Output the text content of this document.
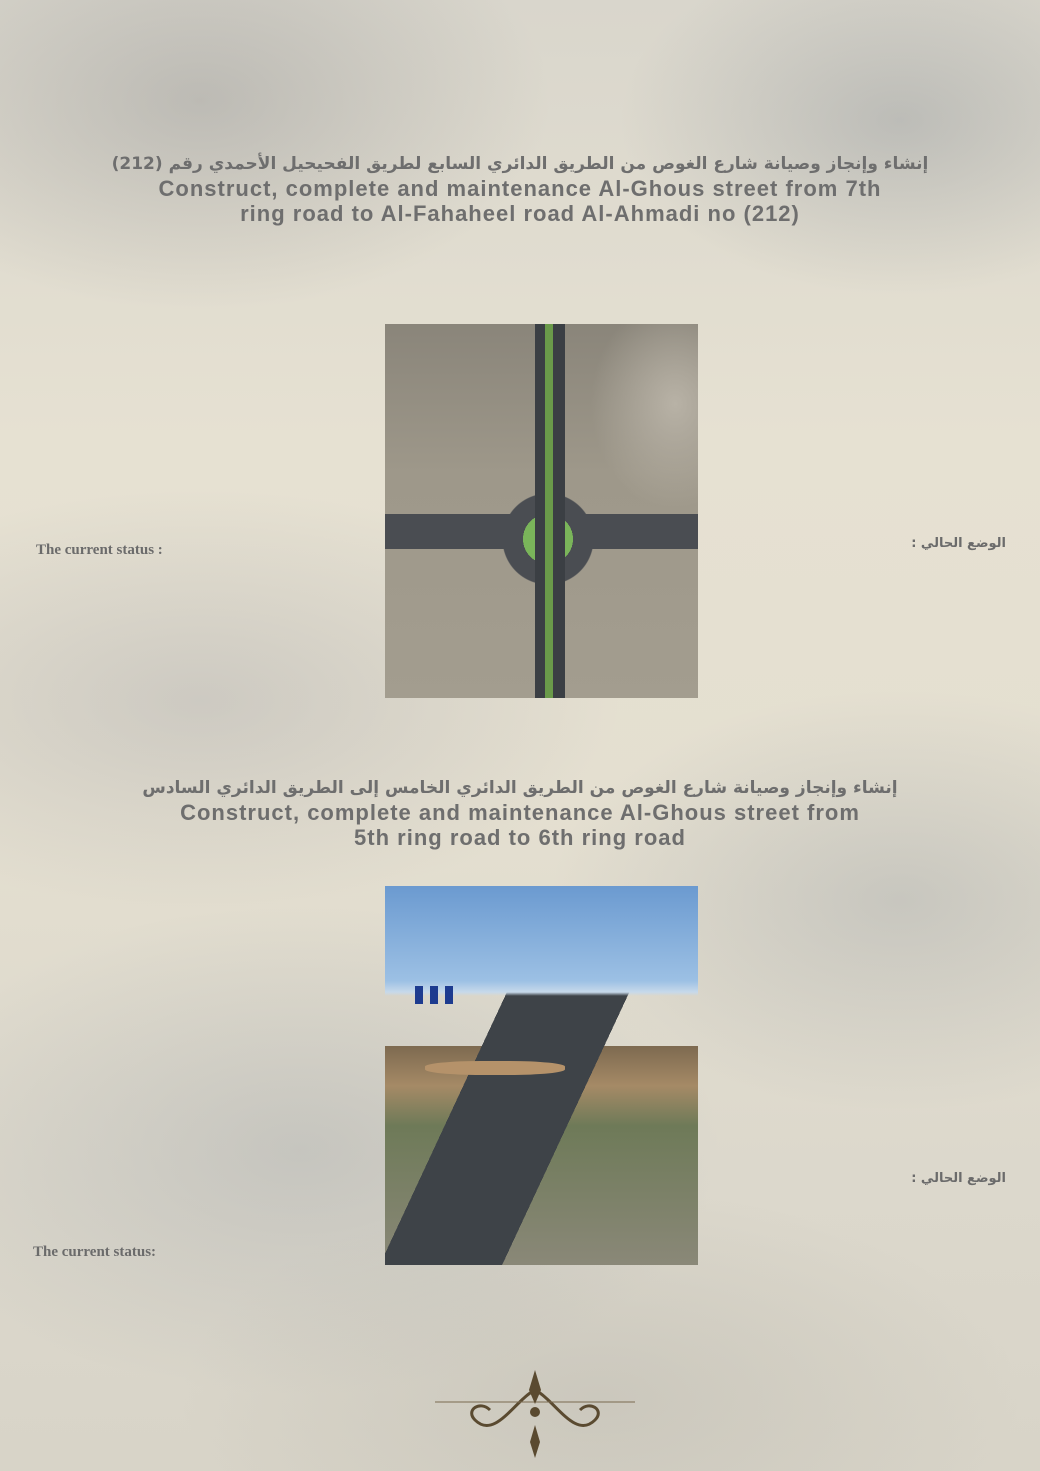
إنشاء وإنجاز وصيانة شارع الغوص من الطريق الدائري السابع لطريق الفحيحيل الأحمدي رقم (212)
Construct, complete and maintenance Al-Ghous street from 7th
ring road to Al-Fahaheel road Al-Ahmadi no (212)
The current status :	الوضع الحالي :
إنشاء وإنجاز وصيانة شارع الغوص من الطريق الدائري الخامس إلى الطريق الدائري السادس
Construct, complete and maintenance Al-Ghous street from
5th ring road to 6th ring road
الوضع الحالي :
The current status:
